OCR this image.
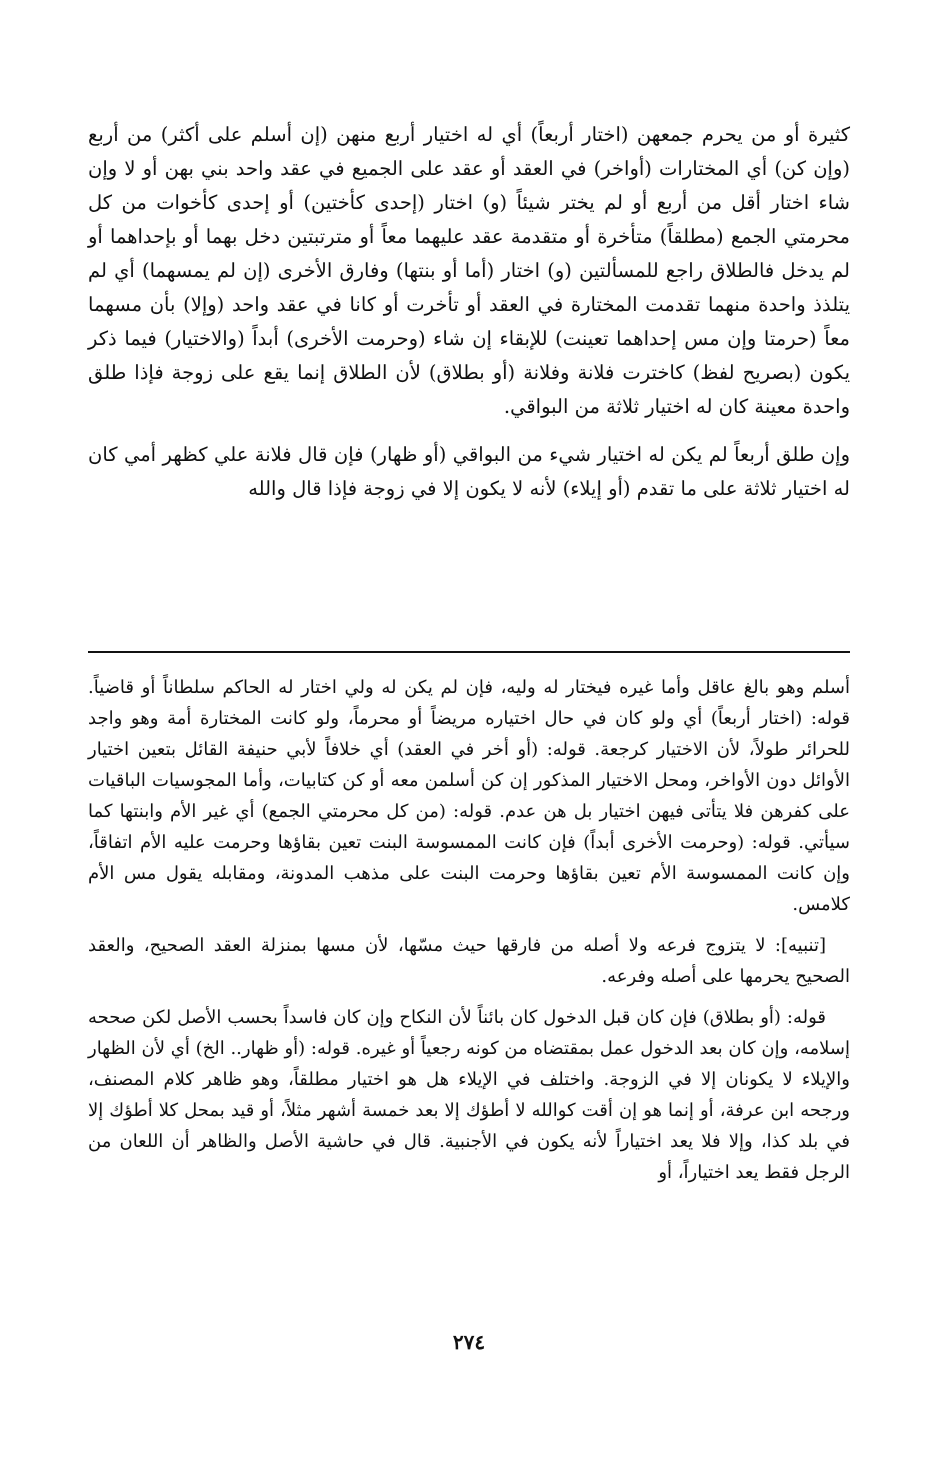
كثيرة أو من يحرم جمعهن (اختار أربعاً) أي له اختيار أربع منهن (إن أسلم على أكثر) من أربع (وإن كن) أي المختارات (أواخر) في العقد أو عقد على الجميع في عقد واحد بني بهن أو لا وإن شاء اختار أقل من أربع أو لم يختر شيئاً (و) اختار (إحدى كأختين) أو إحدى كأخوات من كل محرمتي الجمع (مطلقاً) متأخرة أو متقدمة عقد عليهما معاً أو مترتبتين دخل بهما أو بإحداهما أو لم يدخل فالطلاق راجع للمسألتين (و) اختار (أما أو بنتها) وفارق الأخرى (إن لم يمسهما) أي لم يتلذذ واحدة منهما تقدمت المختارة في العقد أو تأخرت أو كانا في عقد واحد (وإلا) بأن مسهما معاً (حرمتا وإن مس إحداهما تعينت) للإبقاء إن شاء (وحرمت الأخرى) أبداً (والاختيار) فيما ذكر يكون (بصريح لفظ) كاخترت فلانة وفلانة (أو بطلاق) لأن الطلاق إنما يقع على زوجة فإذا طلق واحدة معينة كان له اختيار ثلاثة من البواقي.

وإن طلق أربعاً لم يكن له اختيار شيء من البواقي (أو ظهار) فإن قال فلانة علي كظهر أمي كان له اختيار ثلاثة على ما تقدم (أو إيلاء) لأنه لا يكون إلا في زوجة فإذا قال والله

أسلم وهو بالغ عاقل وأما غيره فيختار له وليه، فإن لم يكن له ولي اختار له الحاكم سلطاناً أو قاضياً. قوله: (اختار أربعاً) أي ولو كان في حال اختياره مريضاً أو محرماً، ولو كانت المختارة أمة وهو واجد للحرائر طولاً، لأن الاختيار كرجعة. قوله: (أو أخر في العقد) أي خلافاً لأبي حنيفة القائل بتعين اختيار الأوائل دون الأواخر، ومحل الاختيار المذكور إن كن أسلمن معه أو كن كتابيات، وأما المجوسيات الباقيات على كفرهن فلا يتأتى فيهن اختيار بل هن عدم. قوله: (من كل محرمتي الجمع) أي غير الأم وابنتها كما سيأتي. قوله: (وحرمت الأخرى أبداً) فإن كانت الممسوسة البنت تعين بقاؤها وحرمت عليه الأم اتفاقاً، وإن كانت الممسوسة الأم تعين بقاؤها وحرمت البنت على مذهب المدونة، ومقابله يقول مس الأم كلامس.

[تنبيه]: لا يتزوج فرعه ولا أصله من فارقها حيث مسّها، لأن مسها بمنزلة العقد الصحيح، والعقد الصحيح يحرمها على أصله وفرعه.

قوله: (أو بطلاق) فإن كان قبل الدخول كان بائناً لأن النكاح وإن كان فاسداً بحسب الأصل لكن صححه إسلامه، وإن كان بعد الدخول عمل بمقتضاه من كونه رجعياً أو غيره. قوله: (أو ظهار.. الخ) أي لأن الظهار والإيلاء لا يكونان إلا في الزوجة. واختلف في الإيلاء هل هو اختيار مطلقاً، وهو ظاهر كلام المصنف، ورجحه ابن عرفة، أو إنما هو إن أقت كوالله لا أطؤك إلا بعد خمسة أشهر مثلاً، أو قيد بمحل كلا أطؤك إلا في بلد كذا، وإلا فلا يعد اختياراً لأنه يكون في الأجنبية. قال في حاشية الأصل والظاهر أن اللعان من الرجل فقط يعد اختياراً، أو

٢٧٤
